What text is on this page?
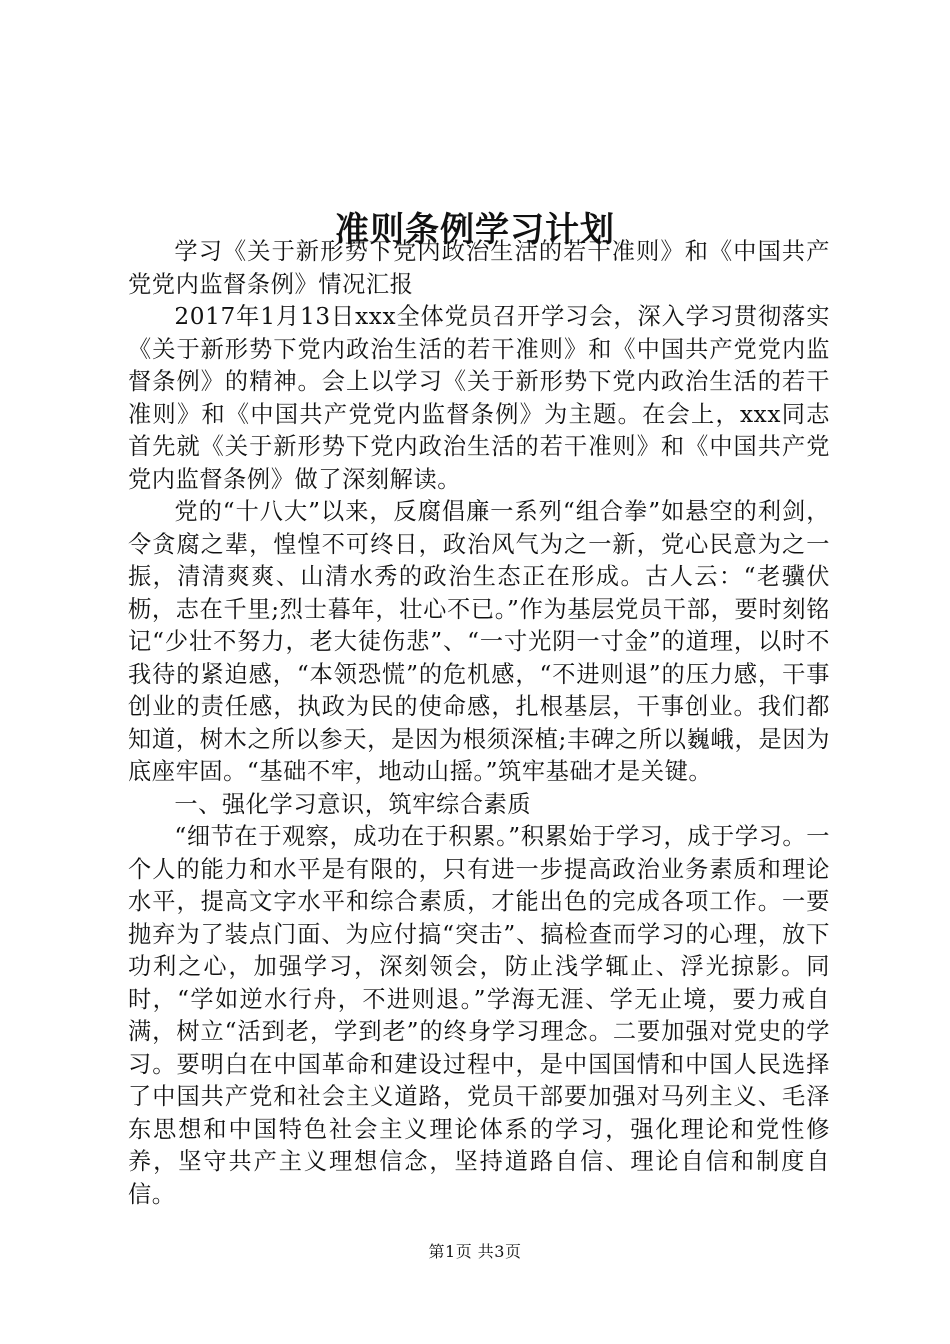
准则条例学习计划

学习《关于新形势下党内政治生活的若干准则》和《中国共产党党内监督条例》情况汇报

2017年1月13日xxx全体党员召开学习会，深入学习贯彻落实《关于新形势下党内政治生活的若干准则》和《中国共产党党内监督条例》的精神。会上以学习《关于新形势下党内政治生活的若干准则》和《中国共产党党内监督条例》为主题。在会上，xxx同志首先就《关于新形势下党内政治生活的若干准则》和《中国共产党党内监督条例》做了深刻解读。

党的“十八大”以来，反腐倡廉一系列“组合拳”如悬空的利剑，令贪腐之辈，惶惶不可终日，政治风气为之一新，党心民意为之一振，清清爽爽、山清水秀的政治生态正在形成。古人云：“老骥伏枥，志在千里;烈士暮年，壮心不已。”作为基层党员干部，要时刻铭记“少壮不努力，老大徒伤悲”、“一寸光阴一寸金”的道理，以时不我待的紧迫感，“本领恐慌”的危机感，“不进则退”的压力感，干事创业的责任感，执政为民的使命感，扎根基层，干事创业。我们都知道，树木之所以参天，是因为根须深植;丰碑之所以巍峨，是因为底座牢固。“基础不牢，地动山摇。”筑牢基础才是关键。

一、强化学习意识，筑牢综合素质

“细节在于观察，成功在于积累。”积累始于学习，成于学习。一个人的能力和水平是有限的，只有进一步提高政治业务素质和理论水平，提高文字水平和综合素质，才能出色的完成各项工作。一要抛弃为了装点门面、为应付搞“突击”、搞检查而学习的心理，放下功利之心，加强学习，深刻领会，防止浅学辄止、浮光掠影。同时，“学如逆水行舟，不进则退。”学海无涯、学无止境，要力戒自满，树立“活到老，学到老”的终身学习理念。二要加强对党史的学习。要明白在中国革命和建设过程中，是中国国情和中国人民选择了中国共产党和社会主义道路，党员干部要加强对马列主义、毛泽东思想和中国特色社会主义理论体系的学习，强化理论和党性修养，坚守共产主义理想信念，坚持道路自信、理论自信和制度自信。

第1页 共3页
